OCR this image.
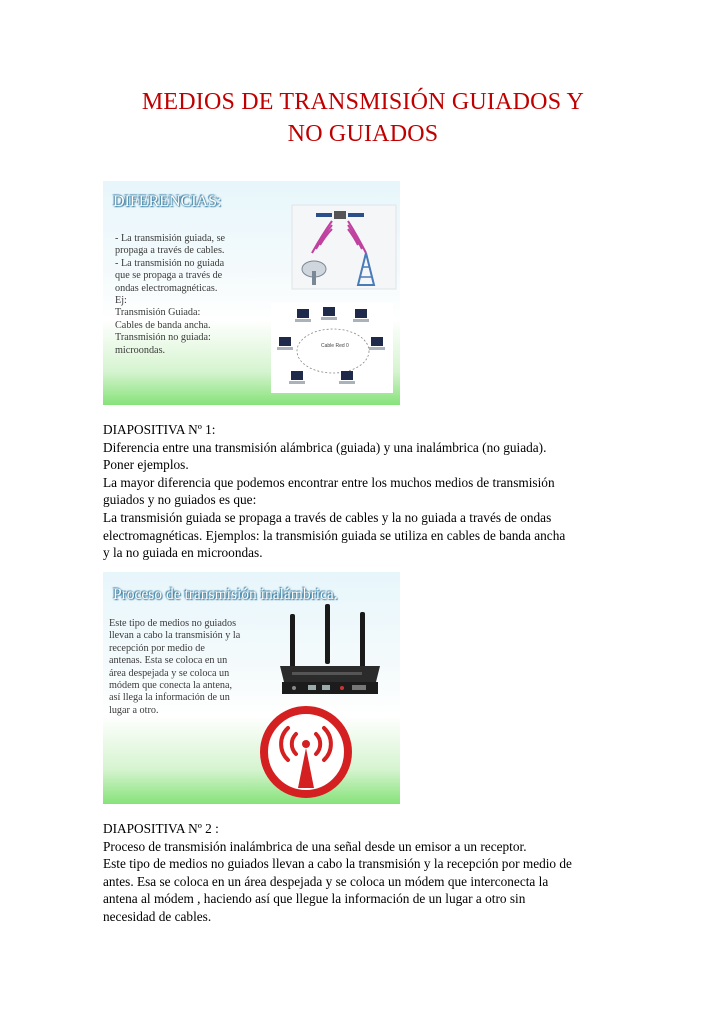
MEDIOS DE TRANSMISIÓN GUIADOS Y
NO GUIADOS
DIFERENCIAS:
- La transmisión guiada, se
propaga a través de cables.
- La transmisión no guiada
que se propaga a través de
ondas electromagnéticas.
Ej:
Transmisión Guiada:
Cables de banda ancha.
Transmisión no guiada:
microondas.	Cable Red 0
DIAPOSITIVA Nº 1:
Diferencia entre una transmisión alámbrica (guiada) y una inalámbrica (no guiada).
Poner ejemplos.
La mayor diferencia que podemos encontrar entre los muchos medios de transmisión
guiados y no guiados es que:
La transmisión guiada se propaga a través de cables y la no guiada a través de ondas
electromagnéticas. Ejemplos: la transmisión guiada se utiliza en cables de banda ancha
y la no guiada en microondas.
Proceso de transmisión inalámbrica.
Este tipo de medios no guiados
llevan a cabo la transmisión y la
recepción por medio de
antenas. Esta se coloca en un
área despejada y se coloca un
módem que conecta la antena,
así llega la información de un
lugar a otro.
DIAPOSITIVA Nº 2 :
Proceso de transmisión inalámbrica de una señal desde un emisor a un receptor.
Este tipo de medios no guiados llevan a cabo la transmisión y la recepción por medio de
antes. Esa se coloca en un área despejada y se coloca un módem que interconecta la
antena al módem , haciendo así que llegue la información de un lugar a otro sin
necesidad de cables.
